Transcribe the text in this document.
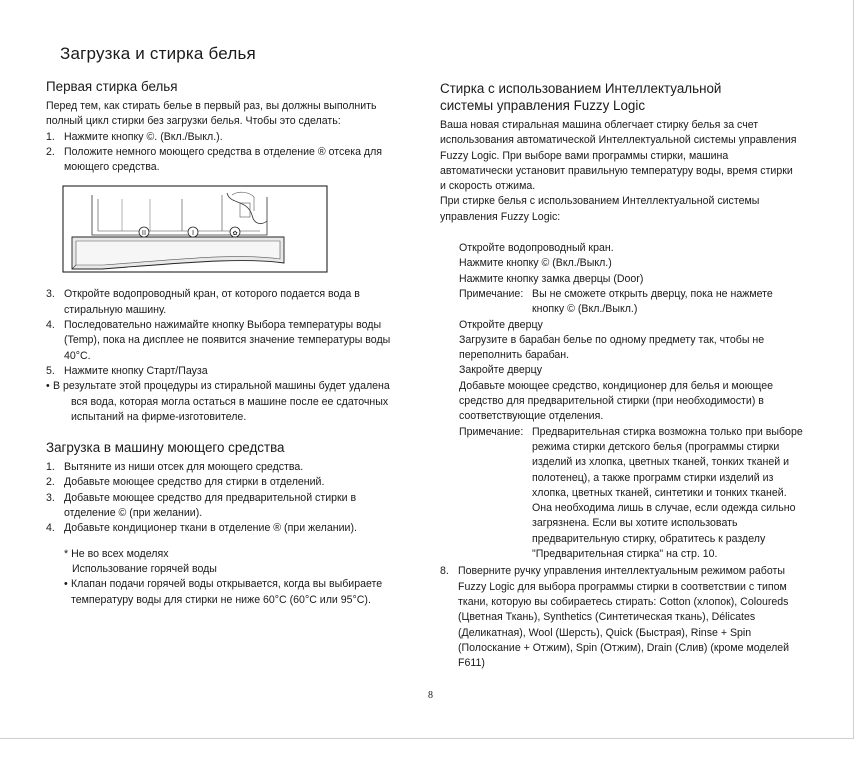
Загрузка и стирка белья
Первая стирка белья

Перед тем, как стирать белье в первый раз, вы должны выполнить

полный цикл стирки без загрузки белья. Чтобы это сделать:

1. Нажмите кнопку ©. (Вкл./Выкл.).
2. Положите немного моющего средства в отделение ® отсека для
моющего средства.
II	I	✿
3. Откройте водопроводный кран, от которого подается вода в
стиральную машину.
4. Последовательно нажимайте кнопку Выбора температуры воды
(Temp), пока на дисплее не появится значение температуры воды
40°C.
5. Нажмите кнопку Старт/Пауза
• В результате этой процедуры из стиральной машины будет удалена
вся вода, которая могла остаться в машине после ее сдаточных
испытаний на фирме-изготовителе.
Загрузка в машину моющего средства
1. Вытяните из ниши отсек для моющего средства.
2. Добавьте моющее средство для стирки в отделений.
3. Добавьте моющее средство для предварительной стирки в
отделение © (при желании).
4. Добавьте кондиционер ткани в отделение ® (при желании).
* Не во всех моделях
Использование горячей воды
• Клапан подачи горячей воды открывается, когда вы выбираете
температуру воды для стирки не ниже 60°C (60°C или 95°C).
Стирка с использованием Интеллектуальной
системы управления Fuzzy Logic

Ваша новая стиральная машина облегчает стирку белья за счет

использования автоматической Интеллектуальной системы управления

Fuzzy Logic. При выборе вами программы стирки, машина

автоматически установит правильную температуру воды, время стирки

и скорость отжима.

При стирке белья с использованием Интеллектуальной системы

управления Fuzzy Logic:

Откройте водопроводный кран.
Нажмите кнопку © (Вкл./Выкл.)
Нажмите кнопку замка дверцы (Door)
Примечание: Вы не сможете открыть дверцу, пока не нажмете
кнопку © (Вкл./Выкл.)
Откройте дверцу
Загрузите в барабан белье по одному предмету так, чтобы не
переполнить барабан.
Закройте дверцу
Добавьте моющее средство, кондиционер для белья и моющее
средство для предварительной стирки (при необходимости) в
соответствующие отделения.
Примечание: Предварительная стирка возможна только при выборе
режима стирки детского белья (программы стирки
изделий из хлопка, цветных тканей, тонких тканей и
полотенец), а также программ стирки изделий из
хлопка, цветных тканей, синтетики и тонких тканей.
Она необходима лишь в случае, если одежда сильно
загрязнена. Если вы хотите использовать
предварительную стирку, обратитесь к разделу
"Предварительная стирка" на стр. 10.
8. Поверните ручку управления интеллектуальным режимом работы
Fuzzy Logic для выбора программы стирки в соответствии с типом
ткани, которую вы собираетесь стирать: Cotton (хлопок), Coloureds
(Цветная Ткань), Synthetics (Синтетическая ткань), Délicates
(Деликатная), Wool (Шерсть), Quick (Быстрая), Rinse + Spin
(Полоскание + Отжим), Spin (Отжим), Drain (Слив) (кроме моделей
F611)
8
